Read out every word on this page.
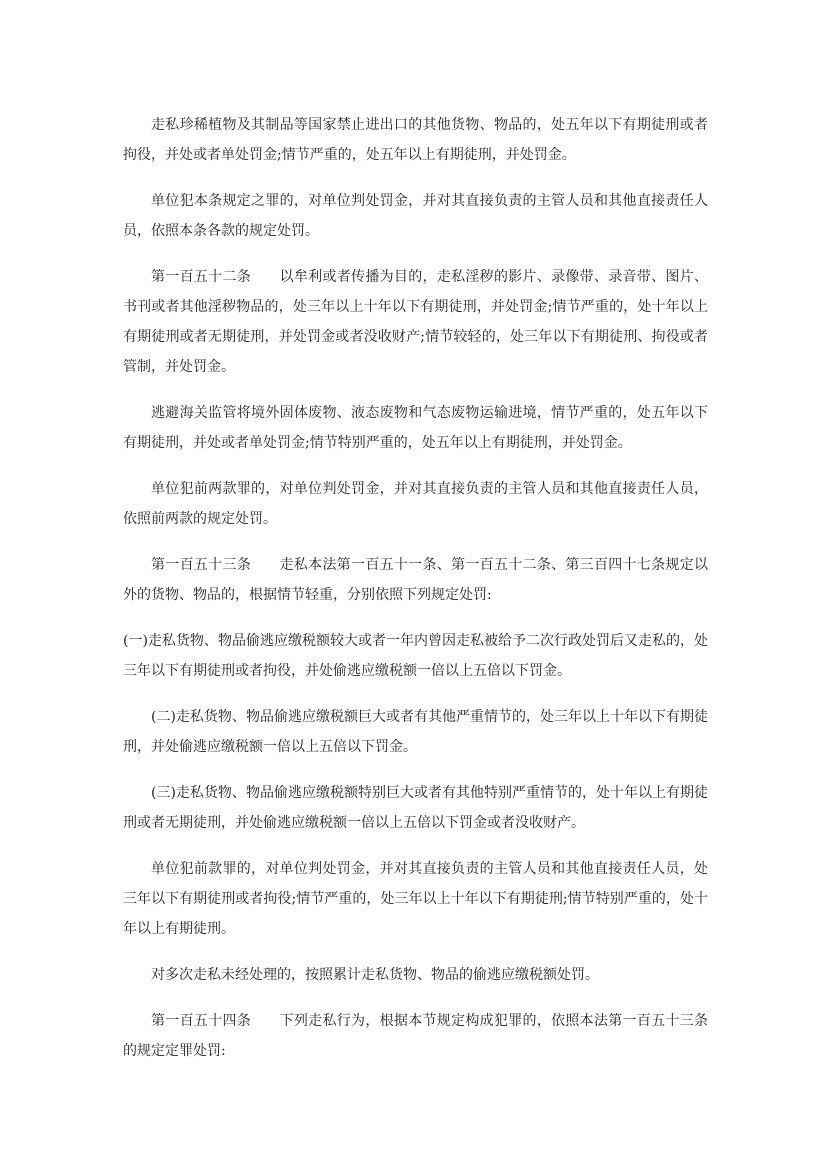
走私珍稀植物及其制品等国家禁止进出口的其他货物、物品的，处五年以下有期徒刑或者拘役，并处或者单处罚金;情节严重的，处五年以上有期徒刑，并处罚金。

单位犯本条规定之罪的，对单位判处罚金，并对其直接负责的主管人员和其他直接责任人员，依照本条各款的规定处罚。

第一百五十二条　　以牟利或者传播为目的，走私淫秽的影片、录像带、录音带、图片、书刊或者其他淫秽物品的，处三年以上十年以下有期徒刑，并处罚金;情节严重的，处十年以上有期徒刑或者无期徒刑，并处罚金或者没收财产;情节较轻的，处三年以下有期徒刑、拘役或者管制，并处罚金。

逃避海关监管将境外固体废物、液态废物和气态废物运输进境，情节严重的，处五年以下有期徒刑，并处或者单处罚金;情节特别严重的，处五年以上有期徒刑，并处罚金。

单位犯前两款罪的，对单位判处罚金，并对其直接负责的主管人员和其他直接责任人员，依照前两款的规定处罚。

第一百五十三条　　走私本法第一百五十一条、第一百五十二条、第三百四十七条规定以外的货物、物品的，根据情节轻重，分别依照下列规定处罚:

(一)走私货物、物品偷逃应缴税额较大或者一年内曾因走私被给予二次行政处罚后又走私的，处三年以下有期徒刑或者拘役，并处偷逃应缴税额一倍以上五倍以下罚金。

(二)走私货物、物品偷逃应缴税额巨大或者有其他严重情节的，处三年以上十年以下有期徒刑，并处偷逃应缴税额一倍以上五倍以下罚金。

(三)走私货物、物品偷逃应缴税额特别巨大或者有其他特别严重情节的，处十年以上有期徒刑或者无期徒刑，并处偷逃应缴税额一倍以上五倍以下罚金或者没收财产。

单位犯前款罪的，对单位判处罚金，并对其直接负责的主管人员和其他直接责任人员，处三年以下有期徒刑或者拘役;情节严重的，处三年以上十年以下有期徒刑;情节特别严重的，处十年以上有期徒刑。

对多次走私未经处理的，按照累计走私货物、物品的偷逃应缴税额处罚。

第一百五十四条　　下列走私行为，根据本节规定构成犯罪的，依照本法第一百五十三条的规定定罪处罚:
